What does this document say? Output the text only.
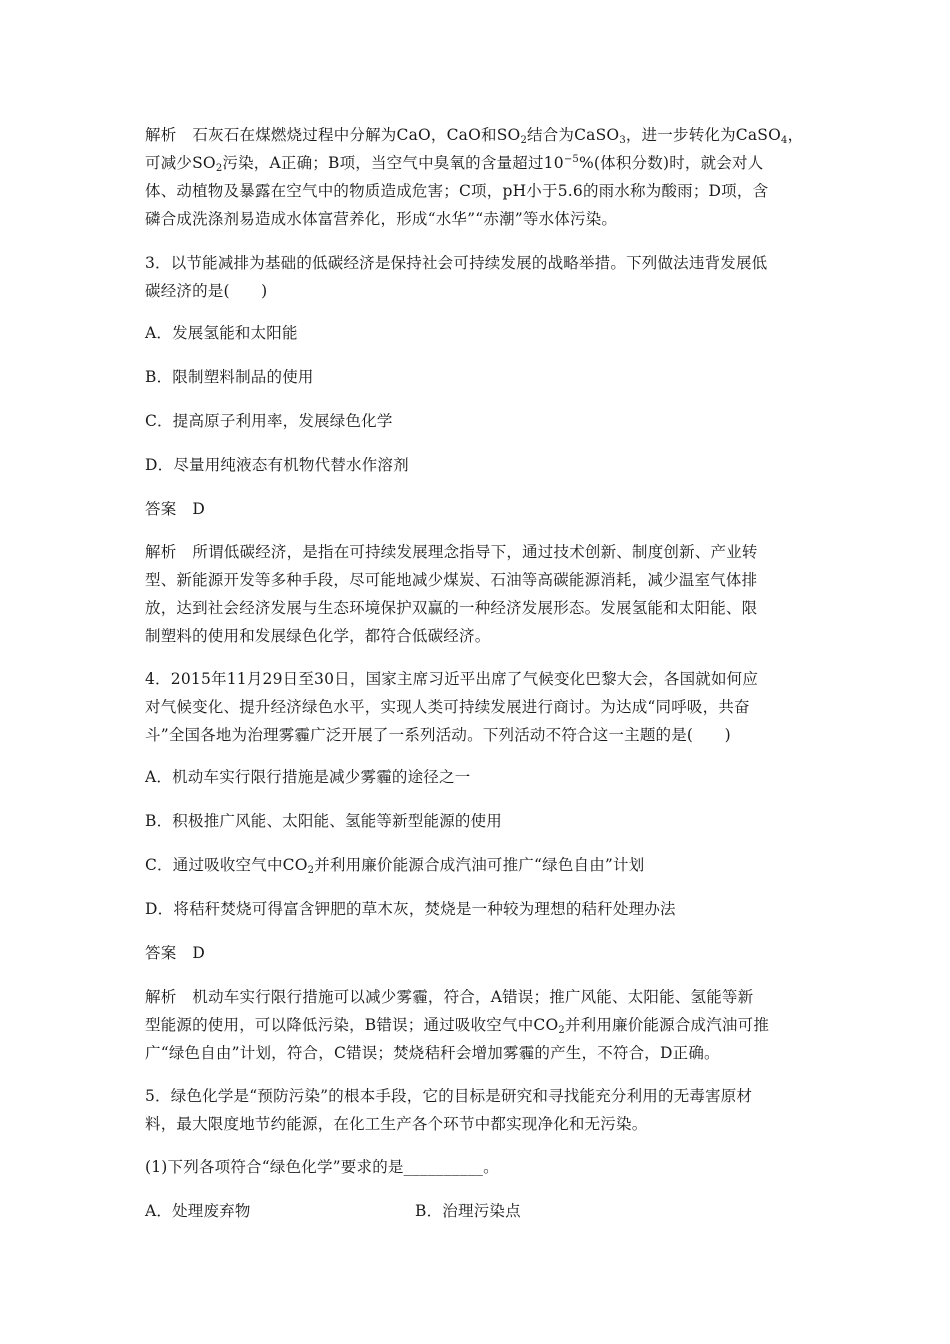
解析 石灰石在煤燃烧过程中分解为CaO，CaO和$SO_2$结合为CaSO$_3$，进一步转化为CaSO$_4$，
可减少$SO_2$污染，A正确；B项，当空气中臭氧的含量超过$10^{-5}\%$(体积分数)时，就会对人
体、动植物及暴露在空气中的物质造成危害；C项，pH小于5.6的雨水称为酸雨；D项，含
磷合成洗涤剂易造成水体富营养化，形成“水华”“赤潮”等水体污染。
3．以节能减排为基础的低碳经济是保持社会可持续发展的战略举措。下列做法违背发展低
碳经济的是(　　)
A．发展氢能和太阳能
B．限制塑料制品的使用
C．提高原子利用率，发展绿色化学
D．尽量用纯液态有机物代替水作溶剂
答案 D
解析 所谓低碳经济，是指在可持续发展理念指导下，通过技术创新、制度创新、产业转
型、新能源开发等多种手段，尽可能地减少煤炭、石油等高碳能源消耗，减少温室气体排
放，达到社会经济发展与生态环境保护双赢的一种经济发展形态。发展氢能和太阳能、限
制塑料的使用和发展绿色化学，都符合低碳经济。
4．2015年11月29日至30日，国家主席习近平出席了气候变化巴黎大会，各国就如何应
对气候变化、提升经济绿色水平，实现人类可持续发展进行商讨。为达成“同呼吸，共奋
斗”全国各地为治理雾霾广泛开展了一系列活动。下列活动不符合这一主题的是(　　)
A．机动车实行限行措施是减少雾霾的途径之一
B．积极推广风能、太阳能、氢能等新型能源的使用
C．通过吸收空气中$CO_2$并利用廉价能源合成汽油可推广“绿色自由”计划
D．将秸秆焚烧可得富含钾肥的草木灰，焚烧是一种较为理想的秸秆处理办法
答案 D
解析 机动车实行限行措施可以减少雾霾，符合，A错误；推广风能、太阳能、氢能等新
型能源的使用，可以降低污染，B错误；通过吸收空气中$CO_2$并利用廉价能源合成汽油可推
广“绿色自由”计划，符合，C错误；焚烧秸秆会增加雾霾的产生，不符合，D正确。
5．绿色化学是“预防污染”的根本手段，它的目标是研究和寻找能充分利用的无毒害原材
料，最大限度地节约能源，在化工生产各个环节中都实现净化和无污染。
(1)下列各项符合“绿色化学”要求的是__________。
A．处理废弃物	B．治理污染点
